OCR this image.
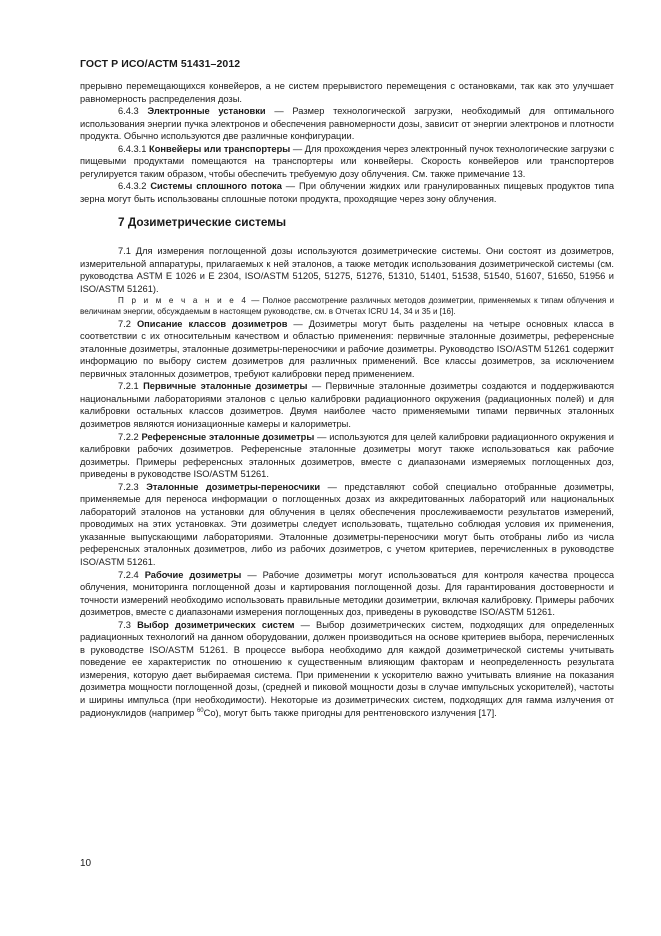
ГОСТ Р ИСО/АСТМ 51431–2012

прерывно перемещающихся конвейеров, а не систем прерывистого перемещения с остановками, так как это улучшает равномерность распределения дозы.

6.4.3 Электронные установки — Размер технологической загрузки, необходимый для оптимального использования энергии пучка электронов и обеспечения равномерности дозы, зависит от энергии электронов и плотности продукта. Обычно используются две различные конфигурации.

6.4.3.1 Конвейеры или транспортеры — Для прохождения через электронный пучок технологические загрузки с пищевыми продуктами помещаются на транспортеры или конвейеры. Скорость конвейеров или транспортеров регулируется таким образом, чтобы обеспечить требуемую дозу облучения. См. также примечание 13.

6.4.3.2 Системы сплошного потока — При облучении жидких или гранулированных пищевых продуктов типа зерна могут быть использованы сплошные потоки продукта, проходящие через зону облучения.

7 Дозиметрические системы

7.1 Для измерения поглощенной дозы используются дозиметрические системы. Они состоят из дозиметров, измерительной аппаратуры, прилагаемых к ней эталонов, а также методик использования дозиметрической системы (см. руководства ASTM E 1026 и E 2304, ISO/ASTM 51205, 51275, 51276, 51310, 51401, 51538, 51540, 51607, 51650, 51956 и ISO/ASTM 51261).

П р и м е ч а н и е 4 — Полное рассмотрение различных методов дозиметрии, применяемых к типам облучения и величинам энергии, обсуждаемым в настоящем руководстве, см. в Отчетах ICRU 14, 34 и 35 и [16].

7.2 Описание классов дозиметров — Дозиметры могут быть разделены на четыре основных класса в соответствии с их относительным качеством и областью применения: первичные эталонные дозиметры, референсные эталонные дозиметры, эталонные дозиметры-переносчики и рабочие дозиметры. Руководство ISO/ASTM 51261 содержит информацию по выбору систем дозиметров для различных применений. Все классы дозиметров, за исключением первичных эталонных дозиметров, требуют калибровки перед применением.

7.2.1 Первичные эталонные дозиметры — Первичные эталонные дозиметры создаются и поддерживаются национальными лабораториями эталонов с целью калибровки радиационного окружения (радиационных полей) и для калибровки остальных классов дозиметров. Двумя наиболее часто применяемыми типами первичных эталонных дозиметров являются ионизационные камеры и калориметры.

7.2.2 Референсные эталонные дозиметры — используются для целей калибровки радиационного окружения и калибровки рабочих дозиметров. Референсные эталонные дозиметры могут также использоваться как рабочие дозиметры. Примеры референсных эталонных дозиметров, вместе с диапазонами измеряемых поглощенных доз, приведены в руководстве ISO/ASTM 51261.

7.2.3 Эталонные дозиметры-переносчики — представляют собой специально отобранные дозиметры, применяемые для переноса информации о поглощенных дозах из аккредитованных лабораторий или национальных лабораторий эталонов на установки для облучения в целях обеспечения прослеживаемости результатов измерений, проводимых на этих установках. Эти дозиметры следует использовать, тщательно соблюдая условия их применения, указанные выпускающими лабораториями. Эталонные дозиметры-переносчики могут быть отобраны либо из числа референсных эталонных дозиметров, либо из рабочих дозиметров, с учетом критериев, перечисленных в руководстве ISO/ASTM 51261.

7.2.4 Рабочие дозиметры — Рабочие дозиметры могут использоваться для контроля качества процесса облучения, мониторинга поглощенной дозы и картирования поглощенной дозы. Для гарантирования достоверности и точности измерений необходимо использовать правильные методики дозиметрии, включая калибровку. Примеры рабочих дозиметров, вместе с диапазонами измерения поглощенных доз, приведены в руководстве ISO/ASTM 51261.

7.3 Выбор дозиметрических систем — Выбор дозиметрических систем, подходящих для определенных радиационных технологий на данном оборудовании, должен производиться на основе критериев выбора, перечисленных в руководстве ISO/ASTM 51261. В процессе выбора необходимо для каждой дозиметрической системы учитывать поведение ее характеристик по отношению к существенным влияющим факторам и неопределенность результата измерения, которую дает выбираемая система. При применении к ускорителю важно учитывать влияние на показания дозиметра мощности поглощенной дозы, (средней и пиковой мощности дозы в случае импульсных ускорителей), частоты и ширины импульса (при необходимости). Некоторые из дозиметрических систем, подходящих для гамма излучения от радионуклидов (например $^{60}$Co), могут быть также пригодны для рентгеновского излучения [17].

10
